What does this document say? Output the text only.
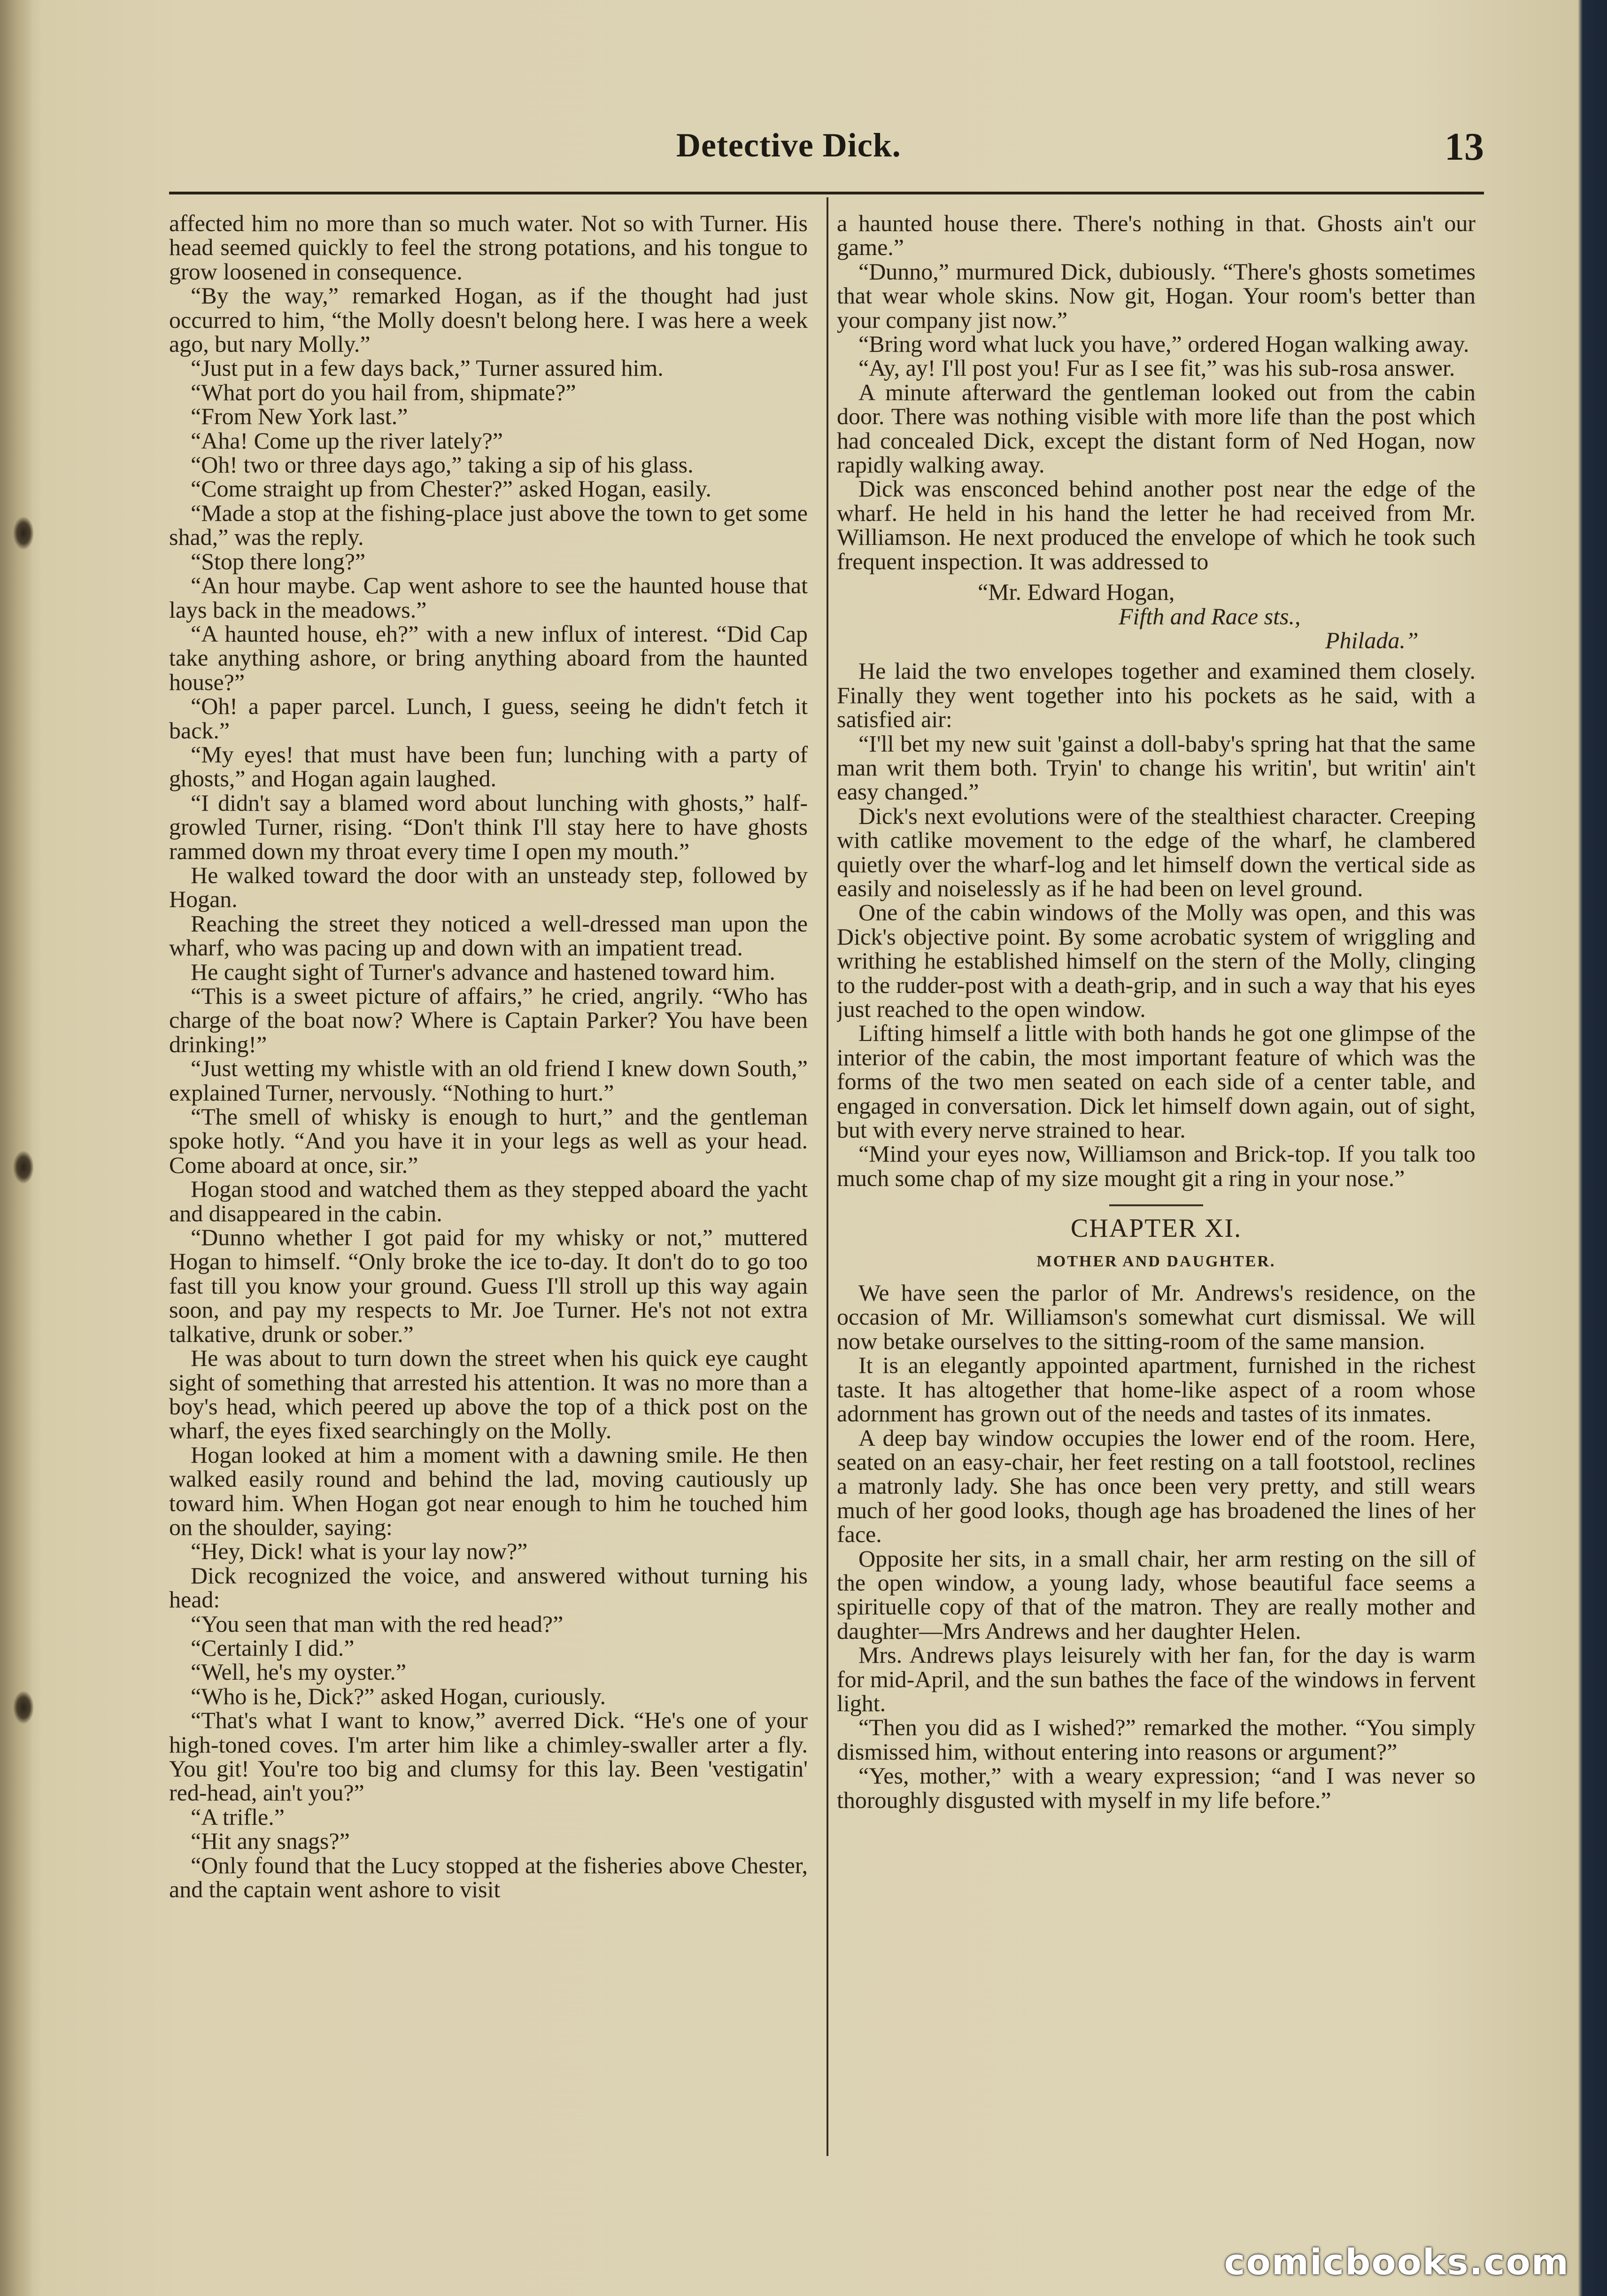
Detective Dick.	13

affected him no more than so much water. Not so with Turner. His head seemed quickly to feel the strong potations, and his tongue to grow loosened in consequence.

“By the way,” remarked Hogan, as if the thought had just occurred to him, “the Molly doesn't belong here. I was here a week ago, but nary Molly.”

“Just put in a few days back,” Turner assured him.

“What port do you hail from, shipmate?”

“From New York last.”

“Aha! Come up the river lately?”

“Oh! two or three days ago,” taking a sip of his glass.

“Come straight up from Chester?” asked Hogan, easily.

“Made a stop at the fishing-place just above the town to get some shad,” was the reply.

“Stop there long?”

“An hour maybe. Cap went ashore to see the haunted house that lays back in the meadows.”

“A haunted house, eh?” with a new influx of interest. “Did Cap take anything ashore, or bring anything aboard from the haunted house?”

“Oh! a paper parcel. Lunch, I guess, seeing he didn't fetch it back.”

“My eyes! that must have been fun; lunching with a party of ghosts,” and Hogan again laughed.

“I didn't say a blamed word about lunching with ghosts,” half-growled Turner, rising. “Don't think I'll stay here to have ghosts rammed down my throat every time I open my mouth.”

He walked toward the door with an unsteady step, followed by Hogan.

Reaching the street they noticed a well-dressed man upon the wharf, who was pacing up and down with an impatient tread.

He caught sight of Turner's advance and hastened toward him.

“This is a sweet picture of affairs,” he cried, angrily. “Who has charge of the boat now? Where is Captain Parker? You have been drinking!”

“Just wetting my whistle with an old friend I knew down South,” explained Turner, nervously. “Nothing to hurt.”

“The smell of whisky is enough to hurt,” and the gentleman spoke hotly. “And you have it in your legs as well as your head. Come aboard at once, sir.”

Hogan stood and watched them as they stepped aboard the yacht and disappeared in the cabin.

“Dunno whether I got paid for my whisky or not,” muttered Hogan to himself. “Only broke the ice to-day. It don't do to go too fast till you know your ground. Guess I'll stroll up this way again soon, and pay my respects to Mr. Joe Turner. He's not not extra talkative, drunk or sober.”

He was about to turn down the street when his quick eye caught sight of something that arrested his attention. It was no more than a boy's head, which peered up above the top of a thick post on the wharf, the eyes fixed searchingly on the Molly.

Hogan looked at him a moment with a dawning smile. He then walked easily round and behind the lad, moving cautiously up toward him. When Hogan got near enough to him he touched him on the shoulder, saying:

“Hey, Dick! what is your lay now?”

Dick recognized the voice, and answered without turning his head:

“You seen that man with the red head?”

“Certainly I did.”

“Well, he's my oyster.”

“Who is he, Dick?” asked Hogan, curiously.

“That's what I want to know,” averred Dick. “He's one of your high-toned coves. I'm arter him like a chimley-swaller arter a fly. You git! You're too big and clumsy for this lay. Been 'vestigatin' red-head, ain't you?”

“A trifle.”

“Hit any snags?”

“Only found that the Lucy stopped at the fisheries above Chester, and the captain went ashore to visit

a haunted house there. There's nothing in that. Ghosts ain't our game.”

“Dunno,” murmured Dick, dubiously. “There's ghosts sometimes that wear whole skins. Now git, Hogan. Your room's better than your company jist now.”

“Bring word what luck you have,” ordered Hogan walking away.

“Ay, ay! I'll post you! Fur as I see fit,” was his sub-rosa answer.

A minute afterward the gentleman looked out from the cabin door. There was nothing visible with more life than the post which had concealed Dick, except the distant form of Ned Hogan, now rapidly walking away.

Dick was ensconced behind another post near the edge of the wharf. He held in his hand the letter he had received from Mr. Williamson. He next produced the envelope of which he took such frequent inspection. It was addressed to

“Mr. Edward Hogan,
Fifth and Race sts.,
Philada.”

He laid the two envelopes together and examined them closely. Finally they went together into his pockets as he said, with a satisfied air:

“I'll bet my new suit 'gainst a doll-baby's spring hat that the same man writ them both. Tryin' to change his writin', but writin' ain't easy changed.”

Dick's next evolutions were of the stealthiest character. Creeping with catlike movement to the edge of the wharf, he clambered quietly over the wharf-log and let himself down the vertical side as easily and noiselessly as if he had been on level ground.

One of the cabin windows of the Molly was open, and this was Dick's objective point. By some acrobatic system of wriggling and writhing he established himself on the stern of the Molly, clinging to the rudder-post with a death-grip, and in such a way that his eyes just reached to the open window.

Lifting himself a little with both hands he got one glimpse of the interior of the cabin, the most important feature of which was the forms of the two men seated on each side of a center table, and engaged in conversation. Dick let himself down again, out of sight, but with every nerve strained to hear.

“Mind your eyes now, Williamson and Brick-top. If you talk too much some chap of my size mought git a ring in your nose.”

CHAPTER XI.
MOTHER AND DAUGHTER.

We have seen the parlor of Mr. Andrews's residence, on the occasion of Mr. Williamson's somewhat curt dismissal. We will now betake ourselves to the sitting-room of the same mansion.

It is an elegantly appointed apartment, furnished in the richest taste. It has altogether that home-like aspect of a room whose adornment has grown out of the needs and tastes of its inmates.

A deep bay window occupies the lower end of the room. Here, seated on an easy-chair, her feet resting on a tall footstool, reclines a matronly lady. She has once been very pretty, and still wears much of her good looks, though age has broadened the lines of her face.

Opposite her sits, in a small chair, her arm resting on the sill of the open window, a young lady, whose beautiful face seems a spirituelle copy of that of the matron. They are really mother and daughter—Mrs Andrews and her daughter Helen.

Mrs. Andrews plays leisurely with her fan, for the day is warm for mid-April, and the sun bathes the face of the windows in fervent light.

“Then you did as I wished?” remarked the mother. “You simply dismissed him, without entering into reasons or argument?”

“Yes, mother,” with a weary expression; “and I was never so thoroughly disgusted with myself in my life before.”

comicbooks.com
